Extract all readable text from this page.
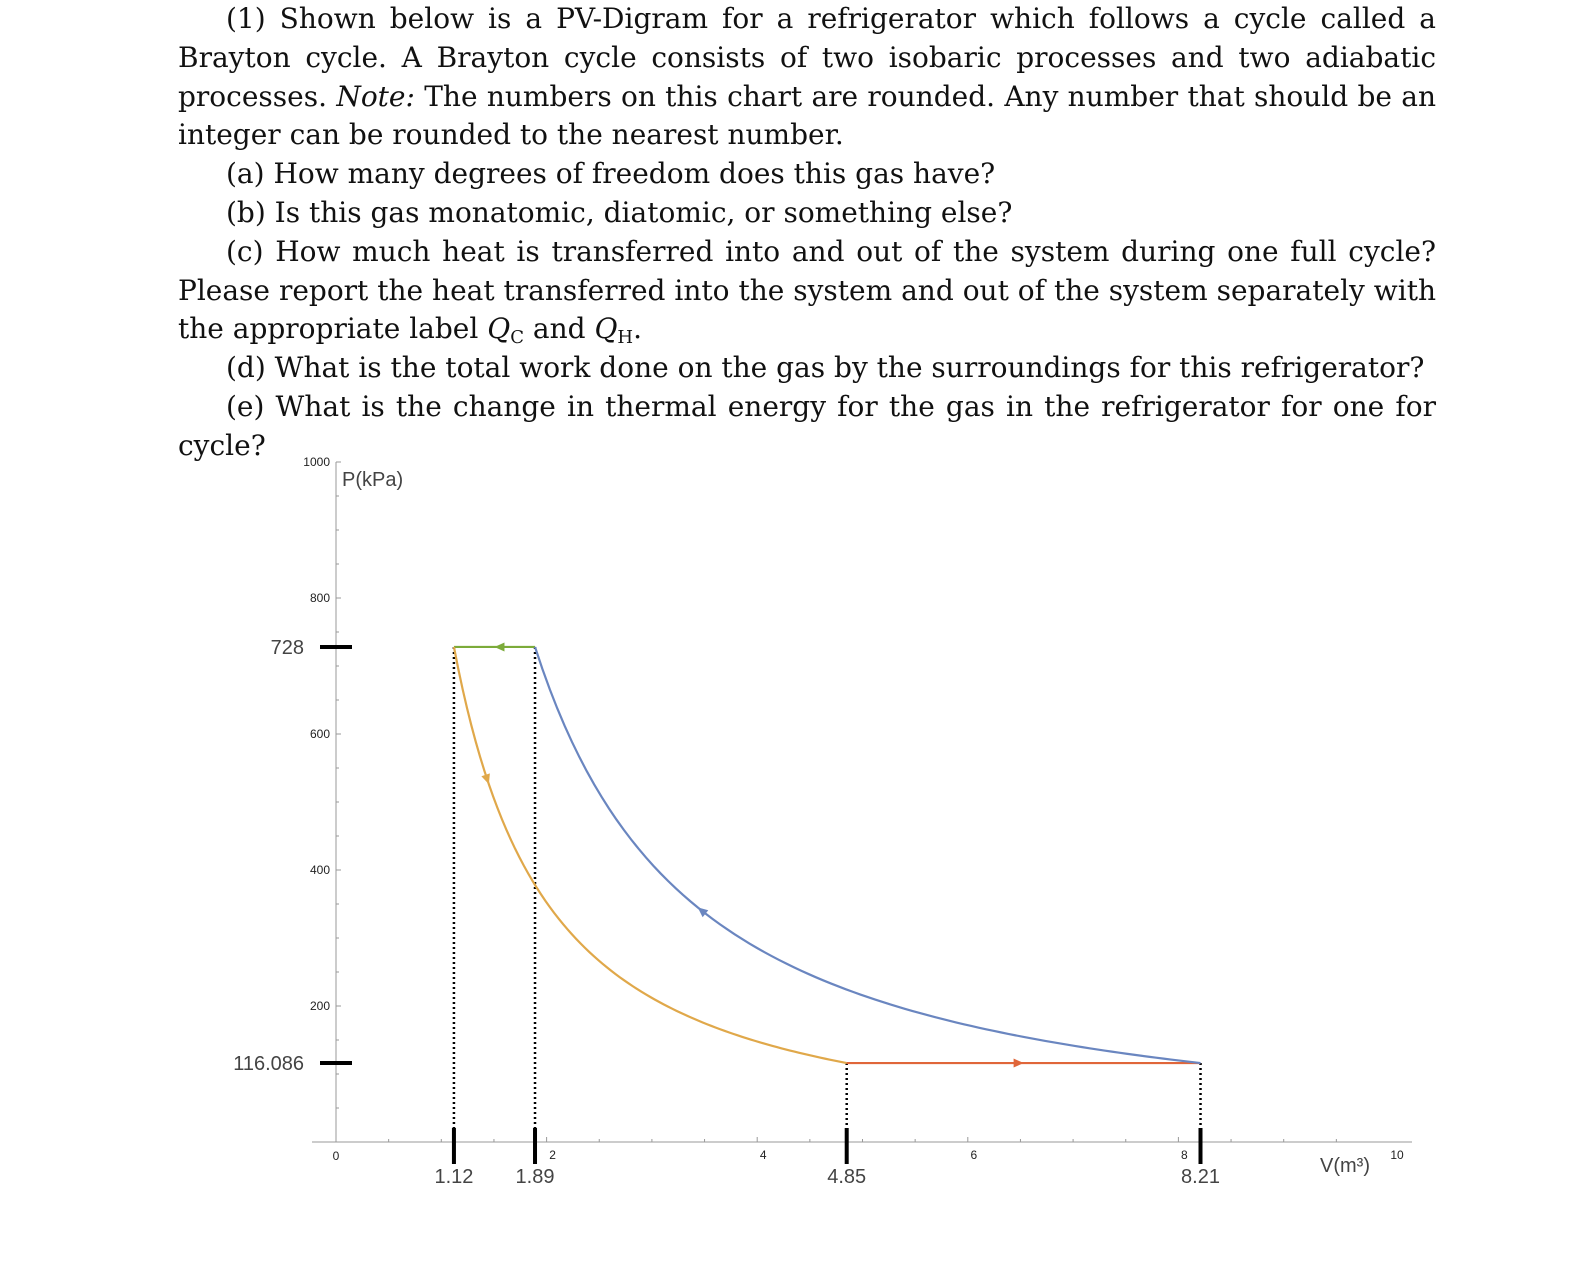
(1) Shown below is a PV-Digram for a refrigerator which follows a cycle called a Brayton cycle. A Brayton cycle consists of two isobaric processes and two adiabatic processes. Note: The numbers on this chart are rounded. Any number that should be an integer can be rounded to the nearest number.

(a) How many degrees of freedom does this gas have?

(b) Is this gas monatomic, diatomic, or something else?

(c) How much heat is transferred into and out of the system during one full cycle? Please report the heat transferred into the system and out of the system separately with the appropriate label $Q_C$ and $Q_H$.

(d) What is the total work done on the gas by the surroundings for this refrigerator?

(e) What is the change in thermal energy for the gas in the refrigerator for one for cycle?

0	2	4	6	8	10
200
400
600
800
1000
P(kPa)
V(m³)
1.12 1.89	4.85	8.21
116.086
728
